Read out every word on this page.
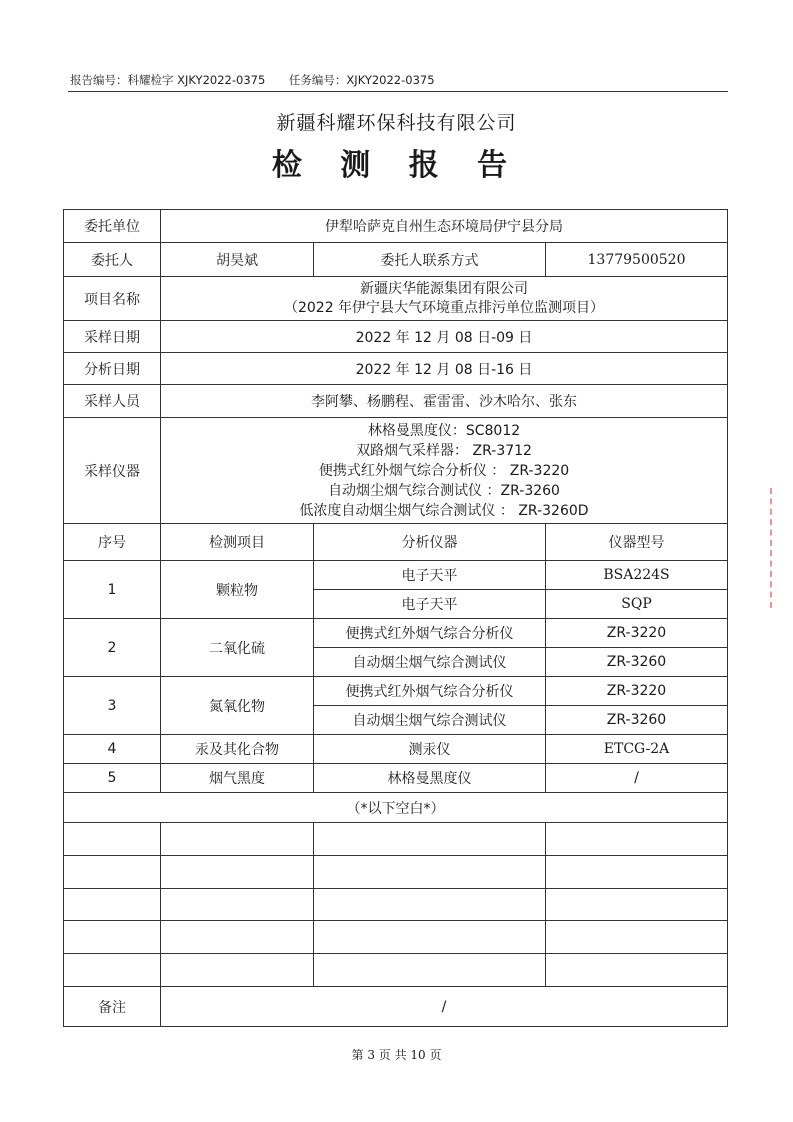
报告编号：科耀检字 XJKY2022-0375 任务编号：XJKY2022-0375
新疆科耀环保科技有限公司
检 测 报 告
委托单位	伊犁哈萨克自州生态环境局伊宁县分局		
委托人	胡昊斌	委托人联系方式	13779500520
项目名称	新疆庆华能源集团有限公司
（2022 年伊宁县大气环境重点排污单位监测项目）		

采样日期	2022 年 12 月 08 日-09 日		
分析日期	2022 年 12 月 08 日-16 日		
采样人员	李阿攀、杨鹏程、霍雷雷、沙木哈尔、张东		
采样仪器	林格曼黑度仪：SC8012
双路烟气采样器： ZR-3712
便携式红外烟气综合分析仪 ： ZR-3220
自动烟尘烟气综合测试仪 ：ZR-3260
低浓度自动烟尘烟气综合测试仪 ： ZR-3260D		

序号	检测项目	分析仪器	仪器型号
1	颗粒物	电子天平	BSA224S
		电子天平	SQP
2	二氧化硫	便携式红外烟气综合分析仪	ZR-3220
		自动烟尘烟气综合测试仪	ZR-3260
3	氮氧化物	便携式红外烟气综合分析仪	ZR-3220
		自动烟尘烟气综合测试仪	ZR-3260
4	汞及其化合物	测汞仪	ETCG-2A
5	烟气黑度	林格曼黑度仪	/
（*以下空白*）			

备注	/		
第 3 页 共 10 页
